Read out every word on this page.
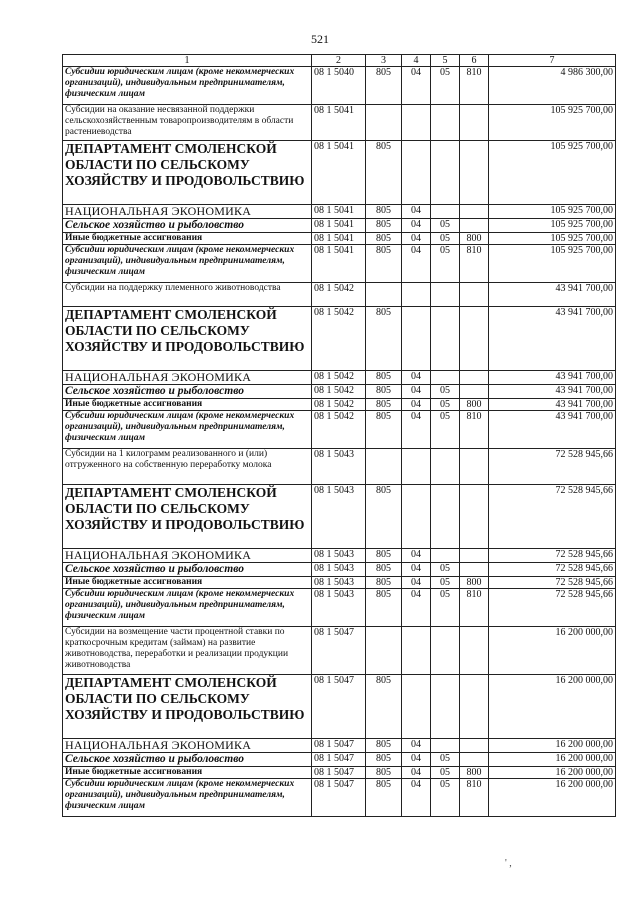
521
1	2	3	4	5	6	7
Субсидии юридическим лицам (кроме некоммерческих организаций), индивидуальным предпринимателям, физическим лицам	08 1 5040	805	04	05	810	4 986 300,00
Субсидии на оказание несвязанной поддержки сельскохозяйственным товаропроизводителям в области растениеводства	08 1 5041					105 925 700,00
ДЕПАРТАМЕНТ СМОЛЕНСКОЙ ОБЛАСТИ ПО СЕЛЬСКОМУ ХОЗЯЙСТВУ И ПРОДОВОЛЬСТВИЮ	08 1 5041	805				105 925 700,00
НАЦИОНАЛЬНАЯ ЭКОНОМИКА	08 1 5041	805	04			105 925 700,00
Сельское хозяйство и рыболовство	08 1 5041	805	04	05		105 925 700,00
Иные бюджетные ассигнования	08 1 5041	805	04	05	800	105 925 700,00
Субсидии юридическим лицам (кроме некоммерческих организаций), индивидуальным предпринимателям, физическим лицам	08 1 5041	805	04	05	810	105 925 700,00
Субсидии на поддержку племенного животноводства	08 1 5042					43 941 700,00
ДЕПАРТАМЕНТ СМОЛЕНСКОЙ ОБЛАСТИ ПО СЕЛЬСКОМУ ХОЗЯЙСТВУ И ПРОДОВОЛЬСТВИЮ	08 1 5042	805				43 941 700,00
НАЦИОНАЛЬНАЯ ЭКОНОМИКА	08 1 5042	805	04			43 941 700,00
Сельское хозяйство и рыболовство	08 1 5042	805	04	05		43 941 700,00
Иные бюджетные ассигнования	08 1 5042	805	04	05	800	43 941 700,00
Субсидии юридическим лицам (кроме некоммерческих организаций), индивидуальным предпринимателям, физическим лицам	08 1 5042	805	04	05	810	43 941 700,00
Субсидии на 1 килограмм реализованного и (или) отгруженного на собственную переработку молока	08 1 5043					72 528 945,66
ДЕПАРТАМЕНТ СМОЛЕНСКОЙ ОБЛАСТИ ПО СЕЛЬСКОМУ ХОЗЯЙСТВУ И ПРОДОВОЛЬСТВИЮ	08 1 5043	805				72 528 945,66
НАЦИОНАЛЬНАЯ ЭКОНОМИКА	08 1 5043	805	04			72 528 945,66
Сельское хозяйство и рыболовство	08 1 5043	805	04	05		72 528 945,66
Иные бюджетные ассигнования	08 1 5043	805	04	05	800	72 528 945,66
Субсидии юридическим лицам (кроме некоммерческих организаций), индивидуальным предпринимателям, физическим лицам	08 1 5043	805	04	05	810	72 528 945,66
Субсидии на возмещение части процентной ставки по краткосрочным кредитам (займам) на развитие животноводства, переработки и реализации продукции животноводства	08 1 5047					16 200 000,00
ДЕПАРТАМЕНТ СМОЛЕНСКОЙ ОБЛАСТИ ПО СЕЛЬСКОМУ ХОЗЯЙСТВУ И ПРОДОВОЛЬСТВИЮ	08 1 5047	805				16 200 000,00
НАЦИОНАЛЬНАЯ ЭКОНОМИКА	08 1 5047	805	04			16 200 000,00
Сельское хозяйство и рыболовство	08 1 5047	805	04	05		16 200 000,00
Иные бюджетные ассигнования	08 1 5047	805	04	05	800	16 200 000,00
Субсидии юридическим лицам (кроме некоммерческих организаций), индивидуальным предпринимателям, физическим лицам	08 1 5047	805	04	05	810	16 200 000,00
' ,
